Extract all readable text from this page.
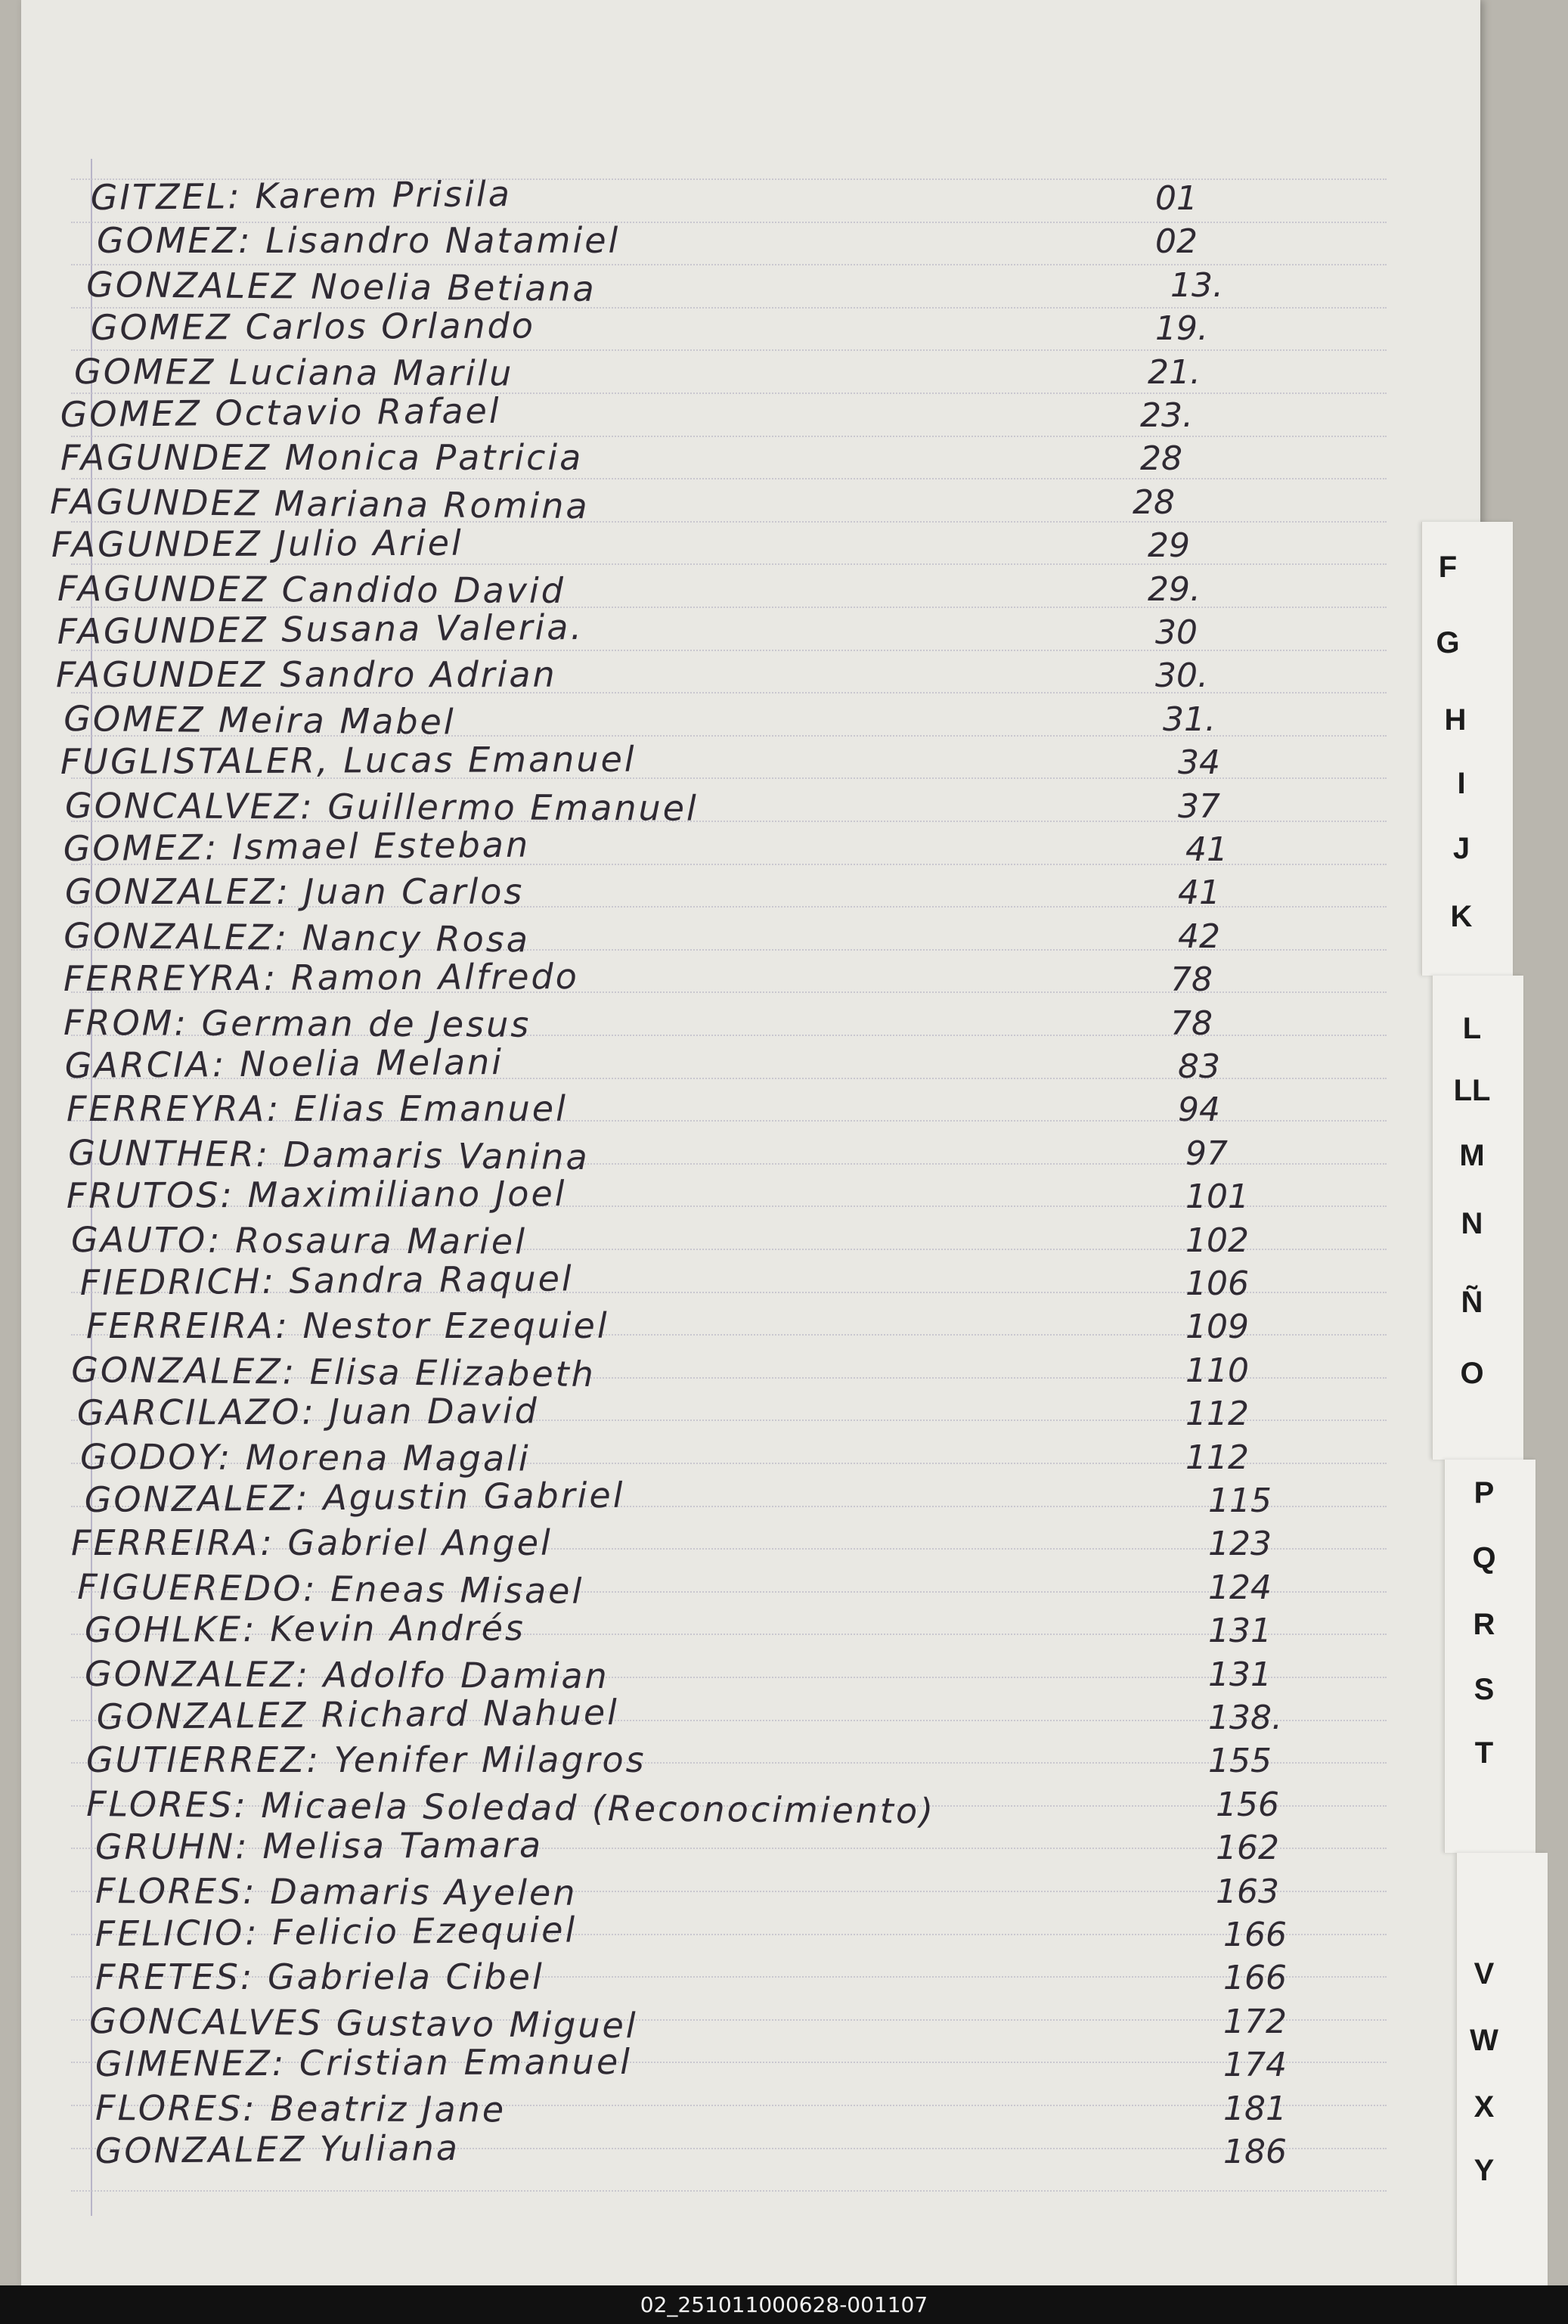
GITZEL: Karem Prisila	01
GOMEZ: Lisandro Natamiel	02
GONZALEZ Noelia Betiana	13.
GOMEZ Carlos Orlando	19.
GOMEZ Luciana Marilu	21.
GOMEZ Octavio Rafael	23.
FAGUNDEZ Monica Patricia	28
FAGUNDEZ Mariana Romina	28
FAGUNDEZ Julio Ariel	29
FAGUNDEZ Candido David	29.
FAGUNDEZ Susana Valeria.	30
FAGUNDEZ Sandro Adrian	30.
GOMEZ Meira Mabel	31.
FUGLISTALER, Lucas Emanuel	34
GONCALVEZ: Guillermo Emanuel	37
GOMEZ: Ismael Esteban	41
GONZALEZ: Juan Carlos	41
GONZALEZ: Nancy Rosa	42
FERREYRA: Ramon Alfredo	78
FROM: German de Jesus	78
GARCIA: Noelia Melani	83
FERREYRA: Elias Emanuel	94
GUNTHER: Damaris Vanina	97
FRUTOS: Maximiliano Joel	101
GAUTO: Rosaura Mariel	102
FIEDRICH: Sandra Raquel	106
FERREIRA: Nestor Ezequiel	109
GONZALEZ: Elisa Elizabeth	110
GARCILAZO: Juan David	112
GODOY: Morena Magali	112
GONZALEZ: Agustin Gabriel	115
FERREIRA: Gabriel Angel	123
FIGUEREDO: Eneas Misael	124
GOHLKE: Kevin Andrés	131
GONZALEZ: Adolfo Damian	131
GONZALEZ Richard Nahuel	138.
GUTIERREZ: Yenifer Milagros	155
FLORES: Micaela Soledad (Reconocimiento)	156
GRUHN: Melisa Tamara	162
FLORES: Damaris Ayelen	163
FELICIO: Felicio Ezequiel	166
FRETES: Gabriela Cibel	166
GONCALVES Gustavo Miguel	172
GIMENEZ: Cristian Emanuel	174
FLORES: Beatriz Jane	181
GONZALEZ Yuliana	186
F
G
H
I
J
K
L
LL
M
N
Ñ
O
P
Q
R
S
T
V
W
X
Y
02_251011000628-001107
